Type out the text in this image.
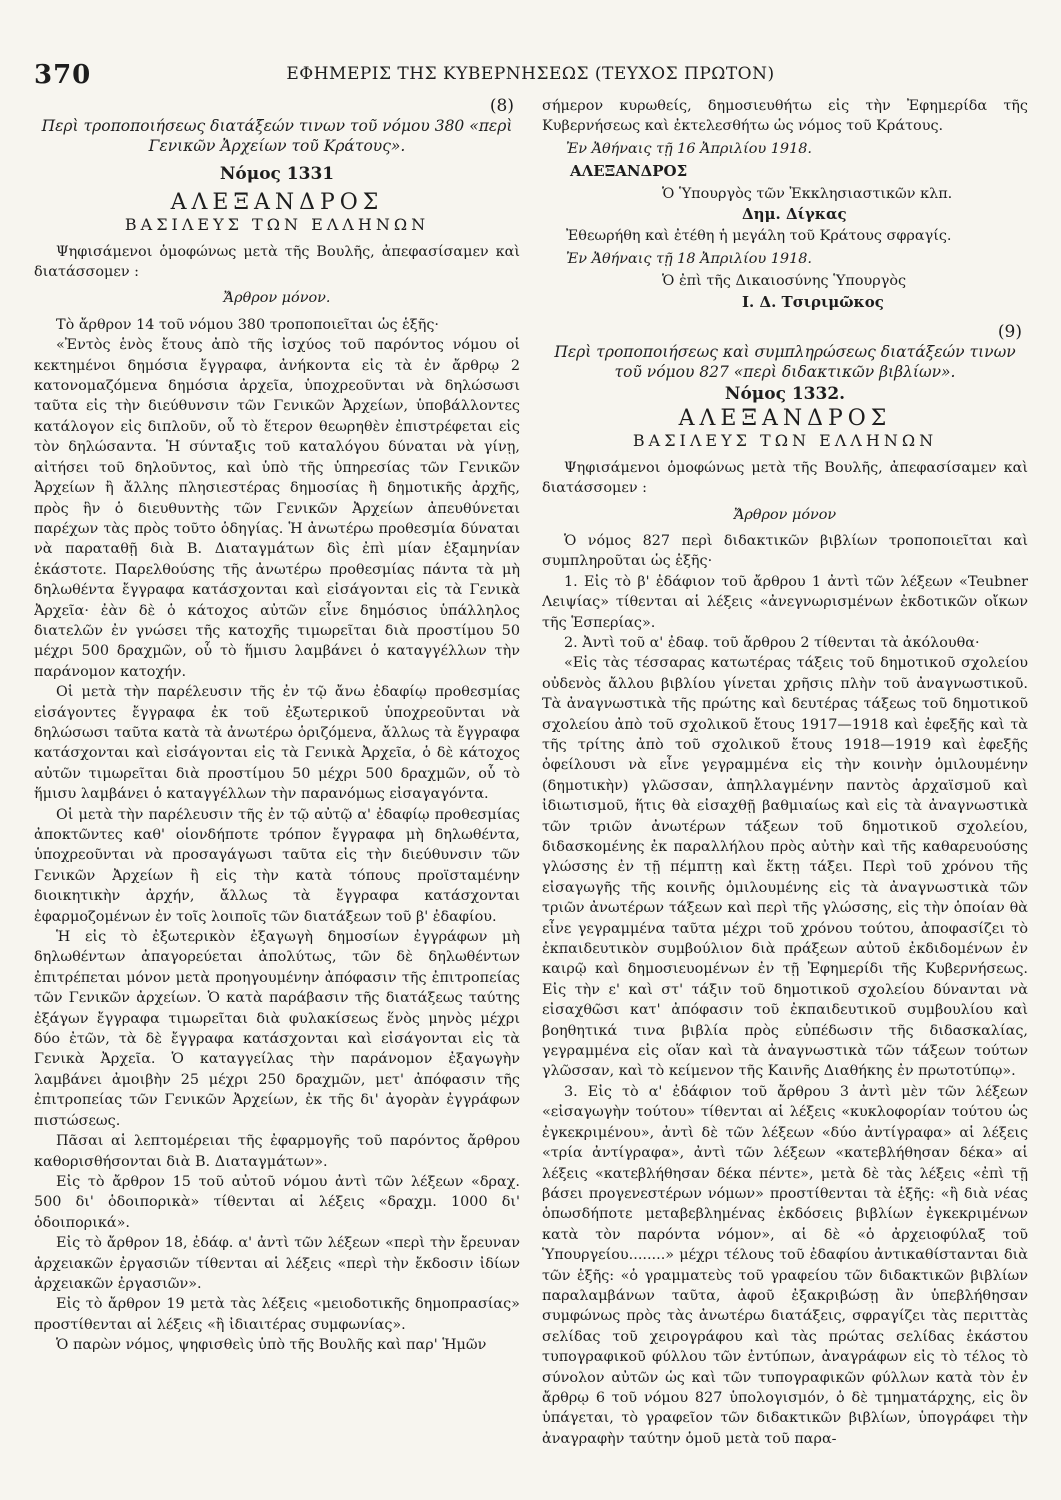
370	ΕΦΗΜΕΡΙΣ ΤΗΣ ΚΥΒΕΡΝΗΣΕΩΣ (ΤΕΥΧΟΣ ΠΡΩΤΟΝ)

(8)

Περὶ τροποποιήσεως διατάξεών τινων τοῦ νόμου 380 «περὶ Γενικῶν Ἀρχείων τοῦ Κράτους».

Νόμος 1331

ΑΛΕΞΑΝΔΡΟΣ

ΒΑΣΙΛΕΥΣ ΤΩΝ ΕΛΛΗΝΩΝ

Ψηφισάμενοι ὁμοφώνως μετὰ τῆς Βουλῆς, ἀπεφασίσαμεν καὶ διατάσσομεν :

Ἄρθρον μόνον.

Τὸ ἄρθρον 14 τοῦ νόμου 380 τροποποιεῖται ὡς ἑξῆς·

«Ἐντὸς ἑνὸς ἔτους ἀπὸ τῆς ἰσχύος τοῦ παρόντος νόμου οἱ κεκτημένοι δημόσια ἔγγραφα, ἀνήκοντα εἰς τὰ ἐν ἄρθρῳ 2 κατονομαζόμενα δημόσια ἀρχεῖα, ὑποχρεοῦνται νὰ δηλώσωσι ταῦτα εἰς τὴν διεύθυνσιν τῶν Γενικῶν Ἀρχείων, ὑποβάλλοντες κατάλογον εἰς διπλοῦν, οὗ τὸ ἕτερον θεωρηθὲν ἐπιστρέφεται εἰς τὸν δηλώσαντα. Ἡ σύνταξις τοῦ καταλόγου δύναται νὰ γίνῃ, αἰτήσει τοῦ δηλοῦντος, καὶ ὑπὸ τῆς ὑπηρεσίας τῶν Γενικῶν Ἀρχείων ἢ ἄλλης πλησιεστέρας δημοσίας ἢ δημοτικῆς ἀρχῆς, πρὸς ἣν ὁ διευθυντὴς τῶν Γενικῶν Ἀρχείων ἀπευθύνεται παρέχων τὰς πρὸς τοῦτο ὁδηγίας. Ἡ ἀνωτέρω προθεσμία δύναται νὰ παραταθῇ διὰ Β. Διαταγμάτων δὶς ἐπὶ μίαν ἑξαμηνίαν ἑκάστοτε. Παρελθούσης τῆς ἀνωτέρω προθεσμίας πάντα τὰ μὴ δηλωθέντα ἔγγραφα κατάσχονται καὶ εἰσάγονται εἰς τὰ Γενικὰ Ἀρχεῖα· ἐὰν δὲ ὁ κάτοχος αὐτῶν εἶνε δημόσιος ὑπάλληλος διατελῶν ἐν γνώσει τῆς κατοχῆς τιμωρεῖται διὰ προστίμου 50 μέχρι 500 δραχμῶν, οὗ τὸ ἥμισυ λαμβάνει ὁ καταγγέλλων τὴν παράνομον κατοχήν.

Οἱ μετὰ τὴν παρέλευσιν τῆς ἐν τῷ ἄνω ἐδαφίῳ προθεσμίας εἰσάγοντες ἔγγραφα ἐκ τοῦ ἐξωτερικοῦ ὑποχρεοῦνται νὰ δηλώσωσι ταῦτα κατὰ τὰ ἀνωτέρω ὁριζόμενα, ἄλλως τὰ ἔγγραφα κατάσχονται καὶ εἰσάγονται εἰς τὰ Γενικὰ Ἀρχεῖα, ὁ δὲ κάτοχος αὐτῶν τιμωρεῖται διὰ προστίμου 50 μέχρι 500 δραχμῶν, οὗ τὸ ἥμισυ λαμβάνει ὁ καταγγέλλων τὴν παρανόμως εἰσαγαγόντα.

Οἱ μετὰ τὴν παρέλευσιν τῆς ἐν τῷ αὐτῷ α' ἐδαφίῳ προθεσμίας ἀποκτῶντες καθ' οἱονδήποτε τρόπον ἔγγραφα μὴ δηλωθέντα, ὑποχρεοῦνται νὰ προσαγάγωσι ταῦτα εἰς τὴν διεύθυνσιν τῶν Γενικῶν Ἀρχείων ἢ εἰς τὴν κατὰ τόπους προϊσταμένην διοικητικὴν ἀρχήν, ἄλλως τὰ ἔγγραφα κατάσχονται ἐφαρμοζομένων ἐν τοῖς λοιποῖς τῶν διατάξεων τοῦ β' ἐδαφίου.

Ἡ εἰς τὸ ἐξωτερικὸν ἐξαγωγὴ δημοσίων ἐγγράφων μὴ δηλωθέντων ἀπαγορεύεται ἀπολύτως, τῶν δὲ δηλωθέντων ἐπιτρέπεται μόνον μετὰ προηγουμένην ἀπόφασιν τῆς ἐπιτροπείας τῶν Γενικῶν ἀρχείων. Ὁ κατὰ παράβασιν τῆς διατάξεως ταύτης ἐξάγων ἔγγραφα τιμωρεῖται διὰ φυλακίσεως ἕνὸς μηνὸς μέχρι δύο ἐτῶν, τὰ δὲ ἔγγραφα κατάσχονται καὶ εἰσάγονται εἰς τὰ Γενικὰ Ἀρχεῖα. Ὁ καταγγείλας τὴν παράνομον ἐξαγωγὴν λαμβάνει ἀμοιβὴν 25 μέχρι 250 δραχμῶν, μετ' ἀπόφασιν τῆς ἐπιτροπείας τῶν Γενικῶν Ἀρχείων, ἐκ τῆς δι' ἀγορὰν ἐγγράφων πιστώσεως.

Πᾶσαι αἱ λεπτομέρειαι τῆς ἐφαρμογῆς τοῦ παρόντος ἄρθρου καθορισθήσονται διὰ Β. Διαταγμάτων».

Εἰς τὸ ἄρθρον 15 τοῦ αὐτοῦ νόμου ἀντὶ τῶν λέξεων «δραχ. 500 δι' ὁδοιπορικὰ» τίθενται αἱ λέξεις «δραχμ. 1000 δι' ὁδοιπορικά».

Εἰς τὸ ἄρθρον 18, ἐδάφ. α' ἀντὶ τῶν λέξεων «περὶ τὴν ἔρευναν ἀρχειακῶν ἐργασιῶν τίθενται αἱ λέξεις «περὶ τὴν ἔκδοσιν ἰδίων ἀρχειακῶν ἐργασιῶν».

Εἰς τὸ ἄρθρον 19 μετὰ τὰς λέξεις «μειοδοτικῆς δημοπρασίας» προστίθενται αἱ λέξεις «ἢ ἰδιαιτέρας συμφωνίας».

Ὁ παρὼν νόμος, ψηφισθεὶς ὑπὸ τῆς Βουλῆς καὶ παρ' Ἡμῶν

σήμερον κυρωθείς, δημοσιευθήτω εἰς τὴν Ἐφημερίδα τῆς Κυβερνήσεως καὶ ἐκτελεσθήτω ὡς νόμος τοῦ Κράτους.

Ἐν Ἀθήναις τῇ 16 Ἀπριλίου 1918.

ΑΛΕΞΑΝΔΡΟΣ

Ὁ Ὑπουργὸς τῶν Ἐκκλησιαστικῶν κλπ.

Δημ. Δίγκας

Ἐθεωρήθη καὶ ἐτέθη ἡ μεγάλη τοῦ Κράτους σφραγίς.

Ἐν Ἀθήναις τῇ 18 Ἀπριλίου 1918.

Ὁ ἐπὶ τῆς Δικαιοσύνης Ὑπουργὸς

Ι. Δ. Τσιριμῶκος

(9)

Περὶ τροποποιήσεως καὶ συμπληρώσεως διατάξεών τινων τοῦ νόμου 827 «περὶ διδακτικῶν βιβλίων».

Νόμος 1332.

ΑΛΕΞΑΝΔΡΟΣ

ΒΑΣΙΛΕΥΣ ΤΩΝ ΕΛΛΗΝΩΝ

Ψηφισάμενοι ὁμοφώνως μετὰ τῆς Βουλῆς, ἀπεφασίσαμεν καὶ διατάσσομεν :

Ἄρθρον μόνον

Ὁ νόμος 827 περὶ διδακτικῶν βιβλίων τροποποιεῖται καὶ συμπληροῦται ὡς ἑξῆς·

1. Εἰς τὸ β' ἐδάφιον τοῦ ἄρθρου 1 ἀντὶ τῶν λέξεων «Teubner Λειψίας» τίθενται αἱ λέξεις «ἀνεγνωρισμένων ἐκδοτικῶν οἴκων τῆς Ἑσπερίας».

2. Ἀντὶ τοῦ α' ἐδαφ. τοῦ ἄρθρου 2 τίθενται τὰ ἀκόλουθα·

«Εἰς τὰς τέσσαρας κατωτέρας τάξεις τοῦ δημοτικοῦ σχολείου οὐδενὸς ἄλλου βιβλίου γίνεται χρῆσις πλὴν τοῦ ἀναγνωστικοῦ. Τὰ ἀναγνωστικὰ τῆς πρώτης καὶ δευτέρας τάξεως τοῦ δημοτικοῦ σχολείου ἀπὸ τοῦ σχολικοῦ ἔτους 1917—1918 καὶ ἐφεξῆς καὶ τὰ τῆς τρίτης ἀπὸ τοῦ σχολικοῦ ἔτους 1918—1919 καὶ ἐφεξῆς ὀφείλουσι νὰ εἶνε γεγραμμένα εἰς τὴν κοινὴν ὁμιλουμένην (δημοτικὴν) γλῶσσαν, ἀπηλλαγμένην παντὸς ἀρχαϊσμοῦ καὶ ἰδιωτισμοῦ, ἥτις θὰ εἰσαχθῇ βαθμιαίως καὶ εἰς τὰ ἀναγνωστικὰ τῶν τριῶν ἀνωτέρων τάξεων τοῦ δημοτικοῦ σχολείου, διδασκομένης ἐκ παραλλήλου πρὸς αὐτὴν καὶ τῆς καθαρευούσης γλώσσης ἐν τῇ πέμπτῃ καὶ ἕκτῃ τάξει. Περὶ τοῦ χρόνου τῆς εἰσαγωγῆς τῆς κοινῆς ὁμιλουμένης εἰς τὰ ἀναγνωστικὰ τῶν τριῶν ἀνωτέρων τάξεων καὶ περὶ τῆς γλώσσης, εἰς τὴν ὁποίαν θὰ εἶνε γεγραμμένα ταῦτα μέχρι τοῦ χρόνου τούτου, ἀποφασίζει τὸ ἐκπαιδευτικὸν συμβούλιον διὰ πράξεων αὐτοῦ ἐκδιδομένων ἐν καιρῷ καὶ δημοσιευομένων ἐν τῇ Ἐφημερίδι τῆς Κυβερνήσεως. Εἰς τὴν ε' καὶ στ' τάξιν τοῦ δημοτικοῦ σχολείου δύνανται νὰ εἰσαχθῶσι κατ' ἀπόφασιν τοῦ ἐκπαιδευτικοῦ συμβουλίου καὶ βοηθητικά τινα βιβλία πρὸς εὐπέδωσιν τῆς διδασκαλίας, γεγραμμένα εἰς οἵαν καὶ τὰ ἀναγνωστικὰ τῶν τάξεων τούτων γλῶσσαν, καὶ τὸ κείμενον τῆς Καινῆς Διαθήκης ἐν πρωτοτύπῳ».

3. Εἰς τὸ α' ἐδάφιον τοῦ ἄρθρου 3 ἀντὶ μὲν τῶν λέξεων «εἰσαγωγὴν τούτου» τίθενται αἱ λέξεις «κυκλοφορίαν τούτου ὡς ἐγκεκριμένου», ἀντὶ δὲ τῶν λέξεων «δύο ἀντίγραφα» αἱ λέξεις «τρία ἀντίγραφα», ἀντὶ τῶν λέξεων «κατεβλήθησαν δέκα» αἱ λέξεις «κατεβλήθησαν δέκα πέντε», μετὰ δὲ τὰς λέξεις «ἐπὶ τῇ βάσει προγενεστέρων νόμων» προστίθενται τὰ ἑξῆς: «ἢ διὰ νέας ὁπωσδήποτε μεταβεβλημένας ἐκδόσεις βιβλίων ἐγκεκριμένων κατὰ τὸν παρόντα νόμον», αἱ δὲ «ὁ ἀρχειοφύλαξ τοῦ Ὑπουργείου........» μέχρι τέλους τοῦ ἐδαφίου ἀντικαθίστανται διὰ τῶν ἑξῆς: «ὁ γραμματεὺς τοῦ γραφείου τῶν διδακτικῶν βιβλίων παραλαμβάνων ταῦτα, ἀφοῦ ἐξακριβώσῃ ἂν ὑπεβλήθησαν συμφώνως πρὸς τὰς ἀνωτέρω διατάξεις, σφραγίζει τὰς περιττὰς σελίδας τοῦ χειρογράφου καὶ τὰς πρώτας σελίδας ἑκάστου τυπογραφικοῦ φύλλου τῶν ἐντύπων, ἀναγράφων εἰς τὸ τέλος τὸ σύνολον αὐτῶν ὡς καὶ τῶν τυπογραφικῶν φύλλων κατὰ τὸν ἐν ἄρθρῳ 6 τοῦ νόμου 827 ὑπολογισμόν, ὁ δὲ τμηματάρχης, εἰς ὃν ὑπάγεται, τὸ γραφεῖον τῶν διδακτικῶν βιβλίων, ὑπογράφει τὴν ἀναγραφὴν ταύτην ὁμοῦ μετὰ τοῦ παρα-
